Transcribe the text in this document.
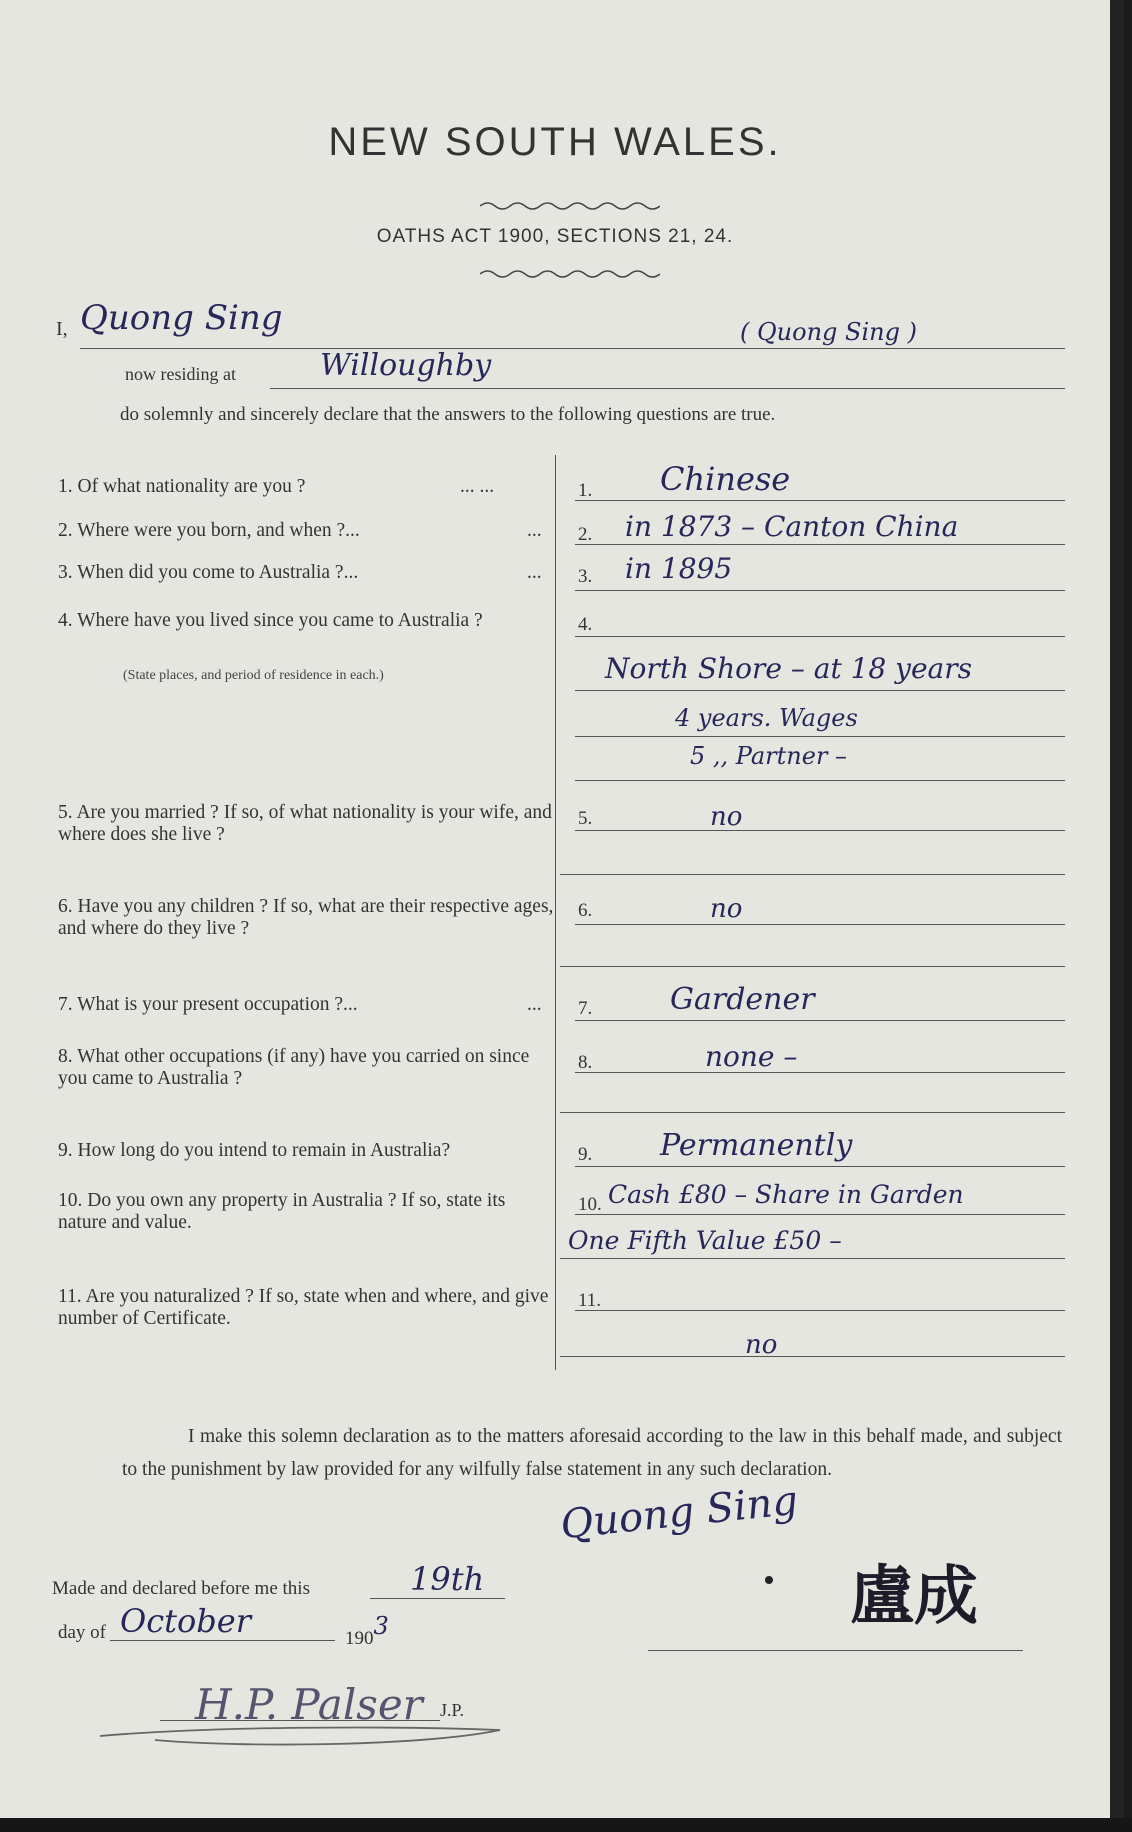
NEW SOUTH WALES.
OATHS ACT 1900, SECTIONS 21, 24.
I, Quong Sing	( Quong Sing )
now residing at	Willoughby
do solemnly and sincerely declare that the answers to the following questions are true.
1. Of what nationality are you ?	... ...	1. Chinese
2. Where were you born, and when ?...	... 2. in 1873 – Canton China
3. When did you come to Australia ?...	... 3. in 1895
4. Where have you lived since you came to Australia ?
(State places, and period of residence in each.)
4.
North Shore – at 18 years
4 years. Wages
5 ,, Partner –
5. Are you married ? If so, of what nationality is your wife, and where does she live ?
5.	no
6. Have you any children ? If so, what are their respective ages, and where do they live ?
6.	no
7. What is your present occupation ?...	... 7.	Gardener
8. What other occupations (if any) have you carried on since you came to Australia ?
8.	none –
9. How long do you intend to remain in Australia?	9. Permanently
10. Do you own any property in Australia ? If so, state its nature and value.
10. Cash £80 – Share in Garden
One Fifth Value £50 –
11. Are you naturalized ? If so, state when and where, and give number of Certificate.
11.
no
I make this solemn declaration as to the matters aforesaid according to the law in this behalf made, and subject to the punishment by law provided for any wilfully false statement in any such declaration.
Quong Sing
盧成
Made and declared before me this	19th
day of October	1903
H.P. Palser J.P.
